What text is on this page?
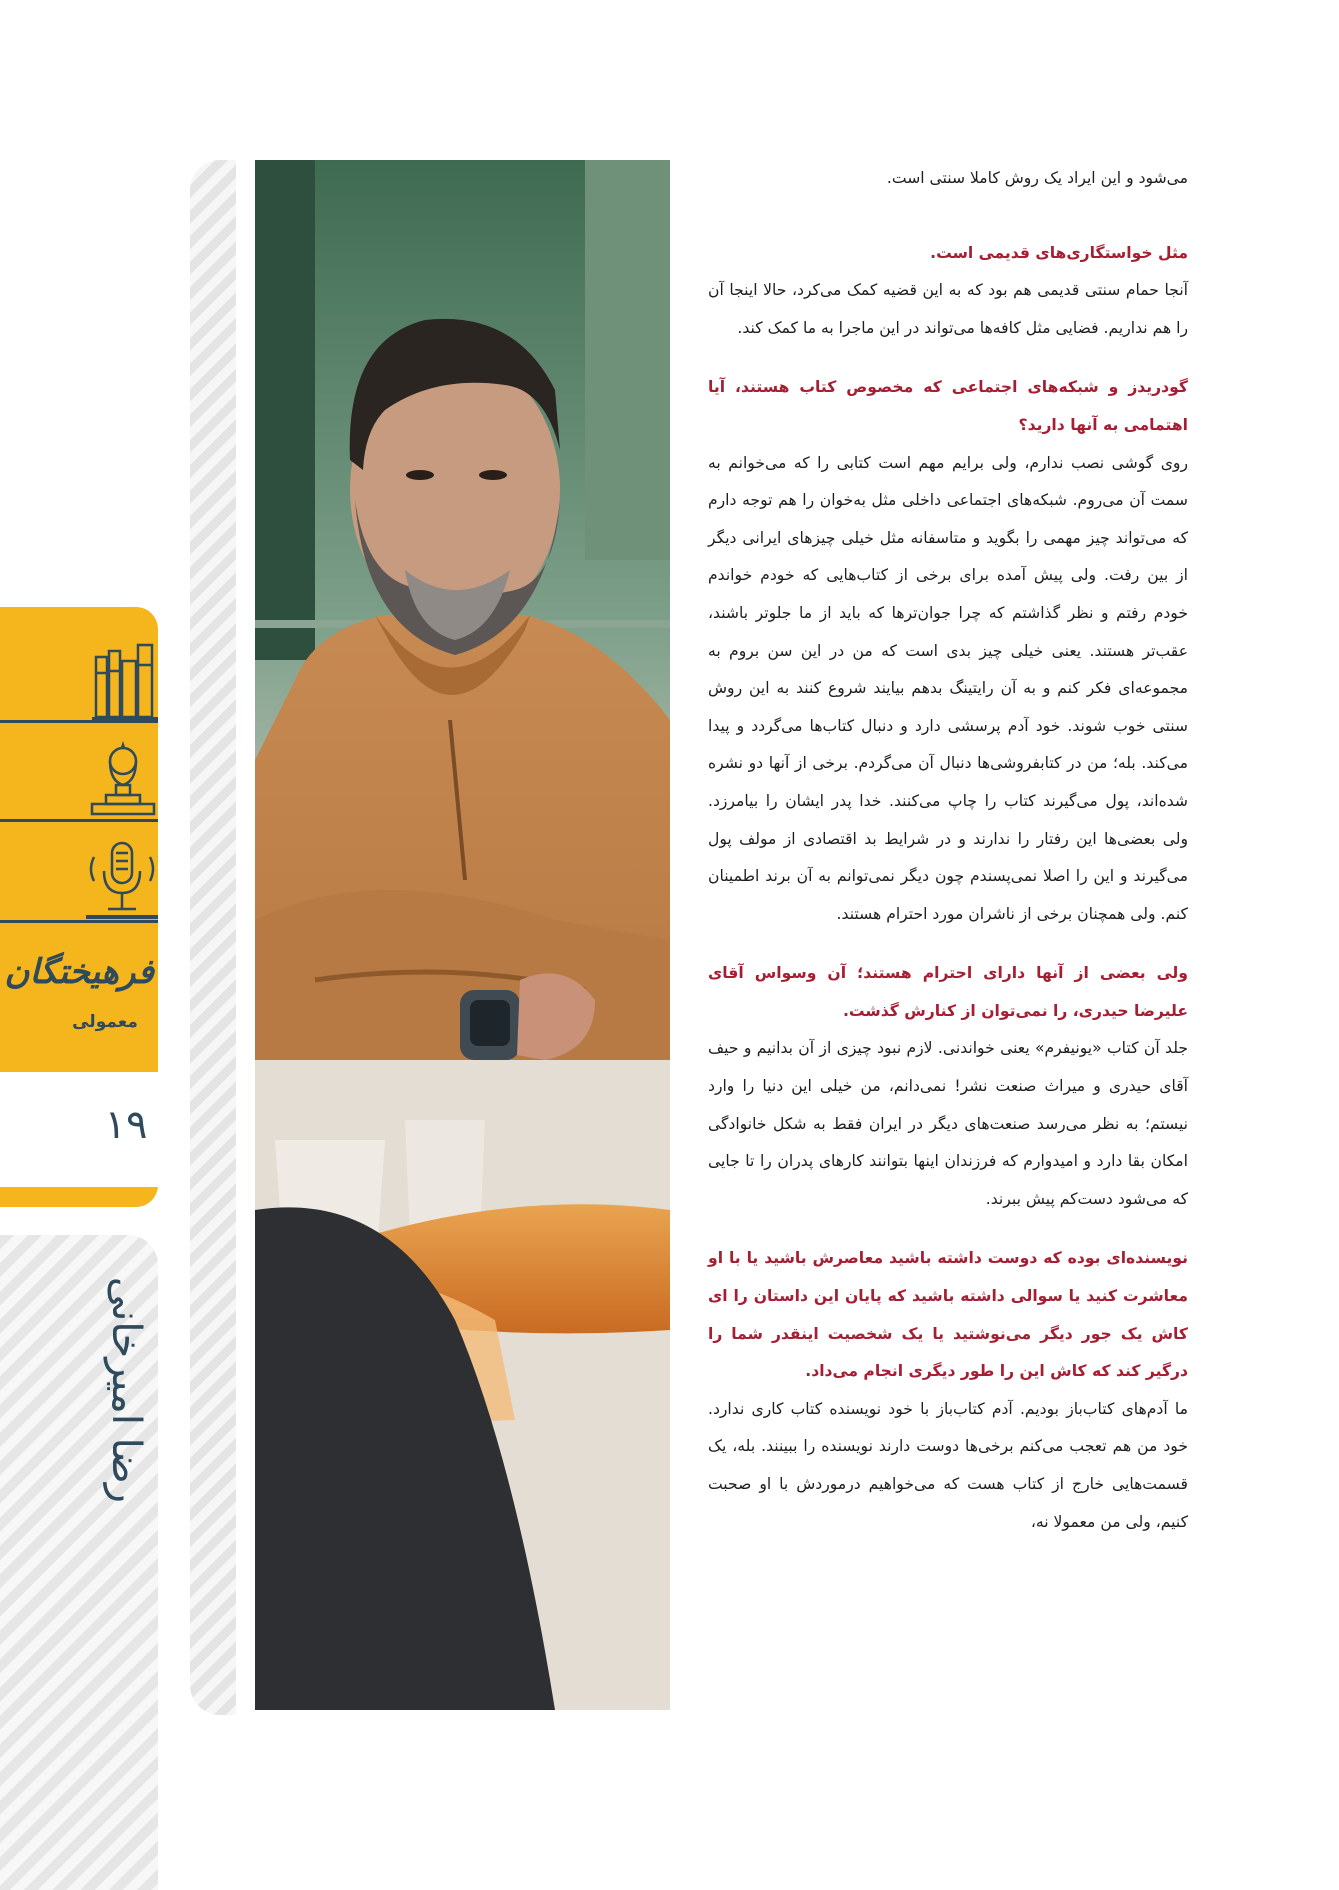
فرهیختگان
معمولی
۱۹
رضا امیرخانی

می‌شود و این ایراد یک روش کاملا سنتی است.

مثل خواستگاری‌های قدیمی است.

آنجا حمام سنتی قدیمی هم بود که به این قضیه کمک می‌کرد، حالا اینجا آن را هم نداریم. فضایی مثل کافه‌ها می‌تواند در این ماجرا به ما کمک کند.

گودریدز و شبکه‌های اجتماعی که مخصوص کتاب هستند، آیا اهتمامی به آنها دارید؟

روی گوشی نصب ندارم، ولی برایم مهم است کتابی را که می‌خوانم به سمت آن می‌روم. شبکه‌های اجتماعی داخلی مثل به‌خوان را هم توجه دارم که می‌تواند چیز مهمی را بگوید و متاسفانه مثل خیلی چیزهای ایرانی دیگر از بین رفت. ولی پیش آمده برای برخی از کتاب‌هایی که خودم خواندم خودم رفتم و نظر گذاشتم که چرا جوان‌ترها که باید از ما جلوتر باشند، عقب‌تر هستند. یعنی خیلی چیز بدی است که من در این سن بروم به مجموعه‌ای فکر کنم و به آن رایتینگ بدهم بیایند شروع کنند به این روش سنتی خوب شوند. خود آدم پرسشی دارد و دنبال کتاب‌ها می‌گردد و پیدا می‌کند. بله؛ من در کتابفروشی‌ها دنبال آن می‌گردم. برخی از آنها دو نشره شده‌اند، پول می‌گیرند کتاب را چاپ می‌کنند. خدا پدر ایشان را بیامرزد. ولی بعضی‌ها این رفتار را ندارند و در شرایط بد اقتصادی از مولف پول می‌گیرند و این را اصلا نمی‌پسندم چون دیگر نمی‌توانم به آن برند اطمینان کنم. ولی همچنان برخی از ناشران مورد احترام هستند.

ولی بعضی از آنها دارای احترام هستند؛ آن وسواس آقای علیرضا حیدری، را نمی‌توان از کنارش گذشت.

جلد آن کتاب «یونیفرم» یعنی خواندنی. لازم نبود چیزی از آن بدانیم و حیف آقای حیدری و میراث صنعت نشر! نمی‌دانم، من خیلی این دنیا را وارد نیستم؛ به نظر می‌رسد صنعت‌های دیگر در ایران فقط به شکل خانوادگی امکان بقا دارد و امیدوارم که فرزندان اینها بتوانند کارهای پدران را تا جایی که می‌شود دست‌کم پیش ببرند.

نویسنده‌ای بوده که دوست داشته باشید معاصرش باشید یا با او معاشرت کنید یا سوالی داشته باشید که پایان این داستان را ای کاش یک جور دیگر می‌نوشتید یا یک شخصیت اینقدر شما را درگیر کند که کاش این را طور دیگری انجام می‌داد.

ما آدم‌های کتاب‌باز بودیم. آدم کتاب‌باز با خود نویسنده کتاب کاری ندارد. خود من هم تعجب می‌کنم برخی‌ها دوست دارند نویسنده را ببینند. بله، یک قسمت‌هایی خارج از کتاب هست که می‌خواهیم درموردش با او صحبت کنیم، ولی من معمولا نه،
